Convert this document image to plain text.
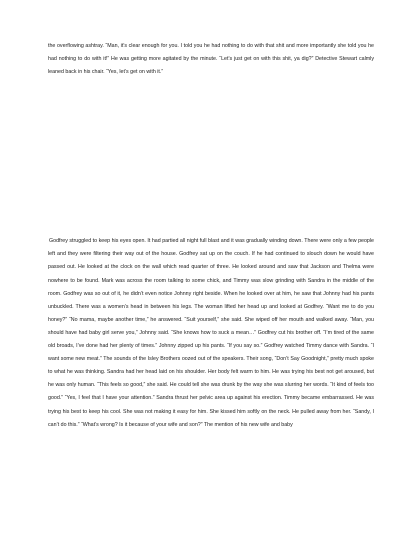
the overflowing ashtray. “Man, it’s clear enough for you. I told you he had nothing to do with that shit and more importantly she told you he had nothing to do with it!” He was getting more agitated by the minute. “Let’s just get on with this shit, ya dig?” Detective Stewart calmly leaned back in his chair. “Yes, let’s get on with it.”

Godfrey struggled to keep his eyes open. It had partied all night full blast and it was gradually winding down. There were only a few people left and they were filtering their way out of the house. Godfrey sat up on the couch. If he had continued to slouch down he would have passed out. He looked at the clock on the wall which read quarter of three. He looked around and saw that Jackson and Thelma were nowhere to be found. Mark was across the room talking to some chick, and Timmy was slow grinding with Sandra in the middle of the room. Godfrey was so out of it, he didn’t even notice Johnny right beside. When he looked over at him, he saw that Johnny had his pants unbuckled. There was a women’s head in between his legs. The woman lifted her head up and looked at Godfrey. “Want me to do you honey?” “No mama, maybe another time,” he answered. “Suit yourself,” she said. She wiped off her mouth and walked away. “Man, you should have had baby girl serve you,” Johnny said. “She knows how to suck a mean…” Godfrey cut his brother off. “I’m tired of the same old broads, I’ve done had her plenty of times.” Johnny zipped up his pants. “If you say so.” Godfrey watched Timmy dance with Sandra. “I want some new meat.” The sounds of the Isley Brothers oozed out of the speakers. Their song, “Don’t Say Goodnight,” pretty much spoke to what he was thinking. Sandra had her head laid on his shoulder. Her body felt warm to him. He was trying his best not get aroused, but he was only human. “This feels so good,” she said. He could tell she was drunk by the way she was slurring her words. “It kind of feels too good.” “Yes, I feel that I have your attention.” Sandra thrust her pelvic area up against his erection. Timmy became embarrassed. He was trying his best to keep his cool. She was not making it easy for him. She kissed him softly on the neck. He pulled away from her. “Sandy, I can’t do this.” “What’s wrong? Is it because of your wife and son?” The mention of his new wife and baby
